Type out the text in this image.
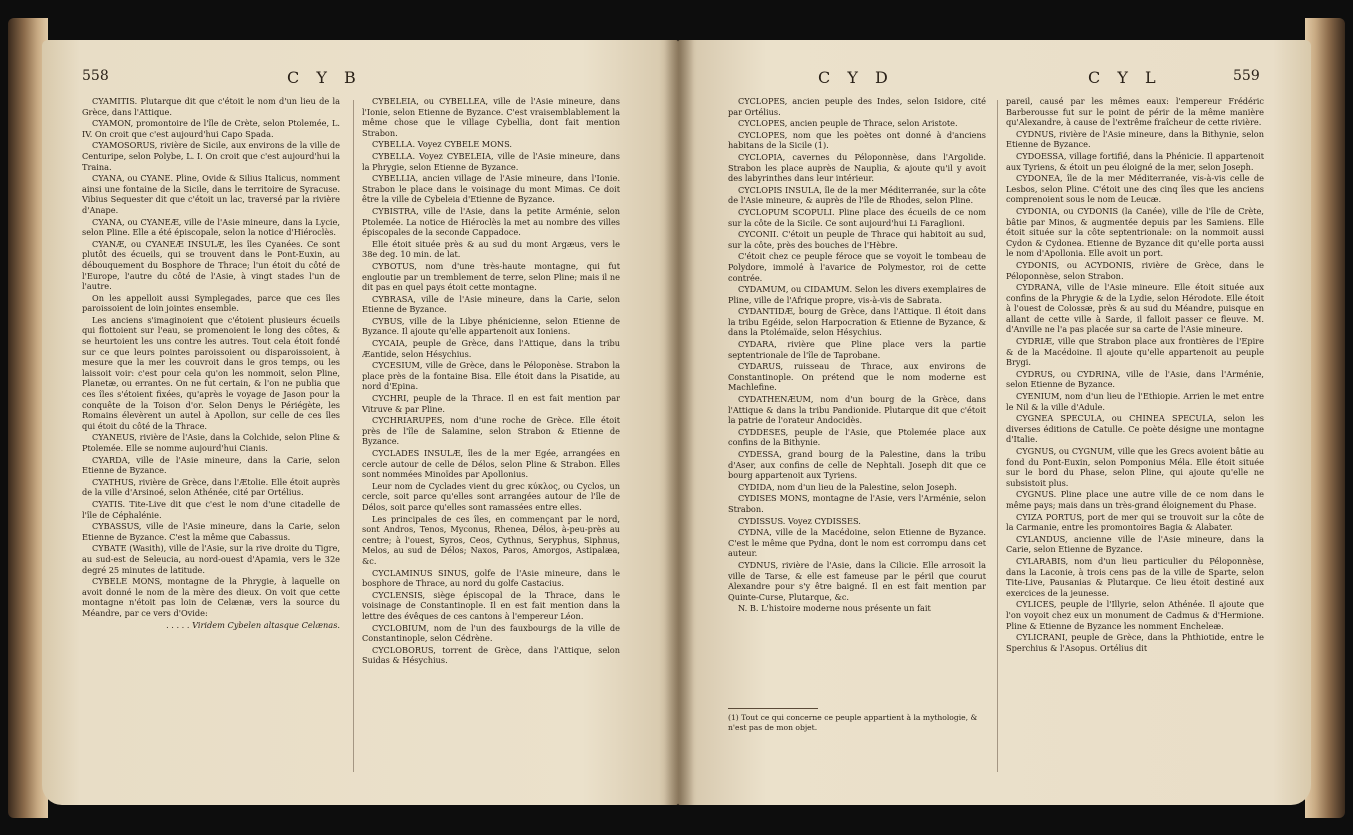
558	C Y B

CYAMITIS. Plutarque dit que c'étoit le nom d'un lieu de la Grèce, dans l'Attique.

CYAMON, promontoire de l'île de Crète, selon Ptolemée, L. IV. On croit que c'est aujourd'hui Capo Spada.

CYAMOSORUS, rivière de Sicile, aux environs de la ville de Centuripe, selon Polybe, L. I. On croit que c'est aujourd'hui la Traina.

CYANA, ou CYANE. Pline, Ovide & Silius Italicus, nomment ainsi une fontaine de la Sicile, dans le territoire de Syracuse. Vibius Sequester dit que c'étoit un lac, traversé par la rivière d'Anape.

CYANA, ou CYANEÆ, ville de l'Asie mineure, dans la Lycie, selon Pline. Elle a été épiscopale, selon la notice d'Hiéroclès.

CYANÆ, ou CYANEÆ INSULÆ, les îles Cyanées. Ce sont plutôt des écueils, qui se trouvent dans le Pont-Euxin, au débouquement du Bosphore de Thrace; l'un étoit du côté de l'Europe, l'autre du côté de l'Asie, à vingt stades l'un de l'autre.

On les appelloit aussi Symplegades, parce que ces îles paroissoient de loin jointes ensemble.

Les anciens s'imaginoient que c'étoient plusieurs écueils qui flottoient sur l'eau, se promenoient le long des côtes, & se heurtoient les uns contre les autres. Tout cela étoit fondé sur ce que leurs pointes paroissoient ou disparoissoient, à mesure que la mer les couvroit dans le gros temps, ou les laissoit voir: c'est pour cela qu'on les nommoit, selon Pline, Planetæ, ou errantes. On ne fut certain, & l'on ne publia que ces îles s'étoient fixées, qu'après le voyage de Jason pour la conquête de la Toison d'or. Selon Denys le Périégète, les Romains élevèrent un autel à Apollon, sur celle de ces îles qui étoit du côté de la Thrace.

CYANEUS, rivière de l'Asie, dans la Colchide, selon Pline & Ptolemée. Elle se nomme aujourd'hui Cianis.

CYARDA, ville de l'Asie mineure, dans la Carie, selon Etienne de Byzance.

CYATHUS, rivière de Grèce, dans l'Ætolie. Elle étoit auprès de la ville d'Arsinoé, selon Athénée, cité par Ortélius.

CYATIS. Tite-Live dit que c'est le nom d'une citadelle de l'île de Céphalénie.

CYBASSUS, ville de l'Asie mineure, dans la Carie, selon Etienne de Byzance. C'est la même que Cabassus.

CYBATE (Wasith), ville de l'Asie, sur la rive droite du Tigre, au sud-est de Seleucia, au nord-ouest d'Apamia, vers le 32e degré 25 minutes de latitude.

CYBELE MONS, montagne de la Phrygie, à laquelle on avoit donné le nom de la mère des dieux. On voit que cette montagne n'étoit pas loin de Celænæ, vers la source du Méandre, par ce vers d'Ovide:

. . . . . Viridem Cybelen altasque Celænas.

CYBELEIA, ou CYBELLEA, ville de l'Asie mineure, dans l'Ionie, selon Etienne de Byzance. C'est vraisemblablement la même chose que le village Cybellia, dont fait mention Strabon.

CYBELLA. Voyez CYBELE MONS.

CYBELLA. Voyez CYBELEIA, ville de l'Asie mineure, dans la Phrygie, selon Etienne de Byzance.

CYBELLIA, ancien village de l'Asie mineure, dans l'Ionie. Strabon le place dans le voisinage du mont Mimas. Ce doit être la ville de Cybeleia d'Etienne de Byzance.

CYBISTRA, ville de l'Asie, dans la petite Arménie, selon Ptolemée. La notice de Hiéroclès la met au nombre des villes épiscopales de la seconde Cappadoce.

Elle étoit située près & au sud du mont Argæus, vers le 38e deg. 10 min. de lat.

CYBOTUS, nom d'une très-haute montagne, qui fut engloutie par un tremblement de terre, selon Pline; mais il ne dit pas en quel pays étoit cette montagne.

CYBRASA, ville de l'Asie mineure, dans la Carie, selon Etienne de Byzance.

CYBUS, ville de la Libye phénicienne, selon Etienne de Byzance. Il ajoute qu'elle appartenoit aux Ioniens.

CYCAIA, peuple de Grèce, dans l'Attique, dans la tribu Æantide, selon Hésychius.

CYCESIUM, ville de Grèce, dans le Péloponèse. Strabon la place près de la fontaine Bisa. Elle étoit dans la Pisatide, au nord d'Epina.

CYCHRI, peuple de la Thrace. Il en est fait mention par Vitruve & par Pline.

CYCHRIARUPES, nom d'une roche de Grèce. Elle étoit près de l'île de Salamine, selon Strabon & Etienne de Byzance.

CYCLADES INSULÆ, îles de la mer Egée, arrangées en cercle autour de celle de Délos, selon Pline & Strabon. Elles sont nommées Minoïdes par Apollonius.

Leur nom de Cyclades vient du grec κύκλος, ou Cyclos, un cercle, soit parce qu'elles sont arrangées autour de l'île de Délos, soit parce qu'elles sont ramassées entre elles.

Les principales de ces îles, en commençant par le nord, sont Andros, Tenos, Myconus, Rhenea, Délos, à-peu-près au centre; à l'ouest, Syros, Ceos, Cythnus, Seryphus, Siphnus, Melos, au sud de Délos; Naxos, Paros, Amorgos, Astipalæa, &c.

CYCLAMINUS SINUS, golfe de l'Asie mineure, dans le bosphore de Thrace, au nord du golfe Castacius.

CYCLENSIS, siège épiscopal de la Thrace, dans le voisinage de Constantinople. Il en est fait mention dans la lettre des évêques de ces cantons à l'empereur Léon.

CYCLOBIUM, nom de l'un des fauxbourgs de la ville de Constantinople, selon Cédrène.

CYCLOBORUS, torrent de Grèce, dans l'Attique, selon Suidas & Hésychius.

C Y D	C Y L	559

CYCLOPES, ancien peuple des Indes, selon Isidore, cité par Ortélius.

CYCLOPES, ancien peuple de Thrace, selon Aristote.

CYCLOPES, nom que les poètes ont donné à d'anciens habitans de la Sicile (1).

CYCLOPIA, cavernes du Péloponnèse, dans l'Argolide. Strabon les place auprès de Nauplia, & ajoute qu'il y avoit des labyrinthes dans leur intérieur.

CYCLOPIS INSULA, île de la mer Méditerranée, sur la côte de l'Asie mineure, & auprès de l'île de Rhodes, selon Pline.

CYCLOPUM SCOPULI. Pline place des écueils de ce nom sur la côte de la Sicile. Ce sont aujourd'hui Li Faraglioni.

CYCONII. C'étoit un peuple de Thrace qui habitoit au sud, sur la côte, près des bouches de l'Hèbre.

C'étoit chez ce peuple féroce que se voyoit le tombeau de Polydore, immolé à l'avarice de Polymestor, roi de cette contrée.

CYDAMUM, ou CIDAMUM. Selon les divers exemplaires de Pline, ville de l'Afrique propre, vis-à-vis de Sabrata.

CYDANTIDÆ, bourg de Grèce, dans l'Attique. Il étoit dans la tribu Egéide, selon Harpocration & Etienne de Byzance, & dans la Ptolémaïde, selon Hésychius.

CYDARA, rivière que Pline place vers la partie septentrionale de l'île de Taprobane.

CYDARUS, ruisseau de Thrace, aux environs de Constantinople. On prétend que le nom moderne est Machlefine.

CYDATHENÆUM, nom d'un bourg de la Grèce, dans l'Attique & dans la tribu Pandionide. Plutarque dit que c'étoit la patrie de l'orateur Andocidès.

CYDDESES, peuple de l'Asie, que Ptolemée place aux confins de la Bithynie.

CYDESSA, grand bourg de la Palestine, dans la tribu d'Aser, aux confins de celle de Nephtali. Joseph dit que ce bourg appartenoit aux Tyriens.

CYDIDA, nom d'un lieu de la Palestine, selon Joseph.

CYDISES MONS, montagne de l'Asie, vers l'Arménie, selon Strabon.

CYDISSUS. Voyez CYDISSES.

CYDNA, ville de la Macédoine, selon Etienne de Byzance. C'est le même que Pydna, dont le nom est corrompu dans cet auteur.

CYDNUS, rivière de l'Asie, dans la Cilicie. Elle arrosoit la ville de Tarse, & elle est fameuse par le péril que courut Alexandre pour s'y être baigné. Il en est fait mention par Quinte-Curse, Plutarque, &c.

N. B. L'histoire moderne nous présente un fait

(1) Tout ce qui concerne ce peuple appartient à la mythologie, & n'est pas de mon objet.

pareil, causé par les mêmes eaux: l'empereur Frédéric Barberousse fut sur le point de périr de la même manière qu'Alexandre, à cause de l'extrême fraîcheur de cette rivière.

CYDNUS, rivière de l'Asie mineure, dans la Bithynie, selon Etienne de Byzance.

CYDOESSA, village fortifié, dans la Phénicie. Il appartenoit aux Tyriens, & étoit un peu éloigné de la mer, selon Joseph.

CYDONEA, île de la mer Méditerranée, vis-à-vis celle de Lesbos, selon Pline. C'étoit une des cinq îles que les anciens comprenoient sous le nom de Leucæ.

CYDONIA, ou CYDONIS (la Canée), ville de l'île de Crète, bâtie par Minos, & augmentée depuis par les Samiens. Elle étoit située sur la côte septentrionale: on la nommoit aussi Cydon & Cydonea. Etienne de Byzance dit qu'elle porta aussi le nom d'Apollonia. Elle avoit un port.

CYDONIS, ou ACYDONIS, rivière de Grèce, dans le Péloponnèse, selon Strabon.

CYDRANA, ville de l'Asie mineure. Elle étoit située aux confins de la Phrygie & de la Lydie, selon Hérodote. Elle étoit à l'ouest de Colossæ, près & au sud du Méandre, puisque en allant de cette ville à Sarde, il falloit passer ce fleuve. M. d'Anville ne l'a pas placée sur sa carte de l'Asie mineure.

CYDRIÆ, ville que Strabon place aux frontières de l'Epire & de la Macédoine. Il ajoute qu'elle appartenoit au peuple Brygi.

CYDRUS, ou CYDRINA, ville de l'Asie, dans l'Arménie, selon Etienne de Byzance.

CYENIUM, nom d'un lieu de l'Ethiopie. Arrien le met entre le Nil & la ville d'Adule.

CYGNEA SPECULA, ou CHINEA SPECULA, selon les diverses éditions de Catulle. Ce poète désigne une montagne d'Italie.

CYGNUS, ou CYGNUM, ville que les Grecs avoient bâtie au fond du Pont-Euxin, selon Pomponius Méla. Elle étoit située sur le bord du Phase, selon Pline, qui ajoute qu'elle ne subsistoit plus.

CYGNUS. Pline place une autre ville de ce nom dans le même pays; mais dans un très-grand éloignement du Phase.

CYIZA PORTUS, port de mer qui se trouvoit sur la côte de la Carmanie, entre les promontoires Bagia & Alabater.

CYLANDUS, ancienne ville de l'Asie mineure, dans la Carie, selon Etienne de Byzance.

CYLARABIS, nom d'un lieu particulier du Péloponnèse, dans la Laconie, à trois cens pas de la ville de Sparte, selon Tite-Live, Pausanias & Plutarque. Ce lieu étoit destiné aux exercices de la jeunesse.

CYLICES, peuple de l'Illyrie, selon Athénée. Il ajoute que l'on voyoit chez eux un monument de Cadmus & d'Hermione. Pline & Etienne de Byzance les nomment Encheleæ.

CYLICRANI, peuple de Grèce, dans la Phthiotide, entre le Sperchius & l'Asopus. Ortélius dit
